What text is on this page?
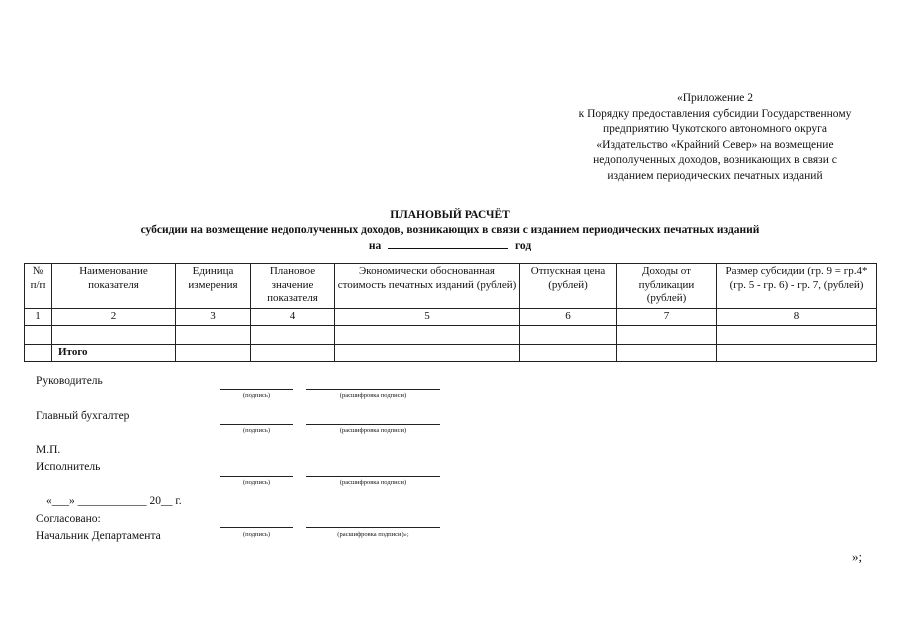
«Приложение 2
к Порядку предоставления субсидии Государственному
предприятию Чукотского автономного округа
«Издательство «Крайний Север» на возмещение
недополученных доходов, возникающих в связи с
изданием периодических печатных изданий
ПЛАНОВЫЙ РАСЧЁТ
субсидии на возмещение недополученных доходов, возникающих в связи с изданием периодических печатных изданий
на	год
№ п/п	Наименование показателя	Единица измерения	Плановое значение показателя	Экономически обоснованная стоимость печатных изданий (рублей)	Отпускная цена (рублей)	Доходы от публикации (рублей)	Размер субсидии (гр. 9 = гр.4*(гр. 5 - гр. 6) - гр. 7, (рублей)
1	2	3	4	5	6	7	8

	Итого						
Руководитель
(подпись)	(расшифровка подписи)
Главный бухгалтер
(подпись)	(расшифровка подписи)
М.П.
Исполнитель
(подпись)	(расшифровка подписи)
«___» ____________ 20__ г.
Согласовано:
Начальник Департамента	(подпись)	(расшифровка подписи)»;
»;
